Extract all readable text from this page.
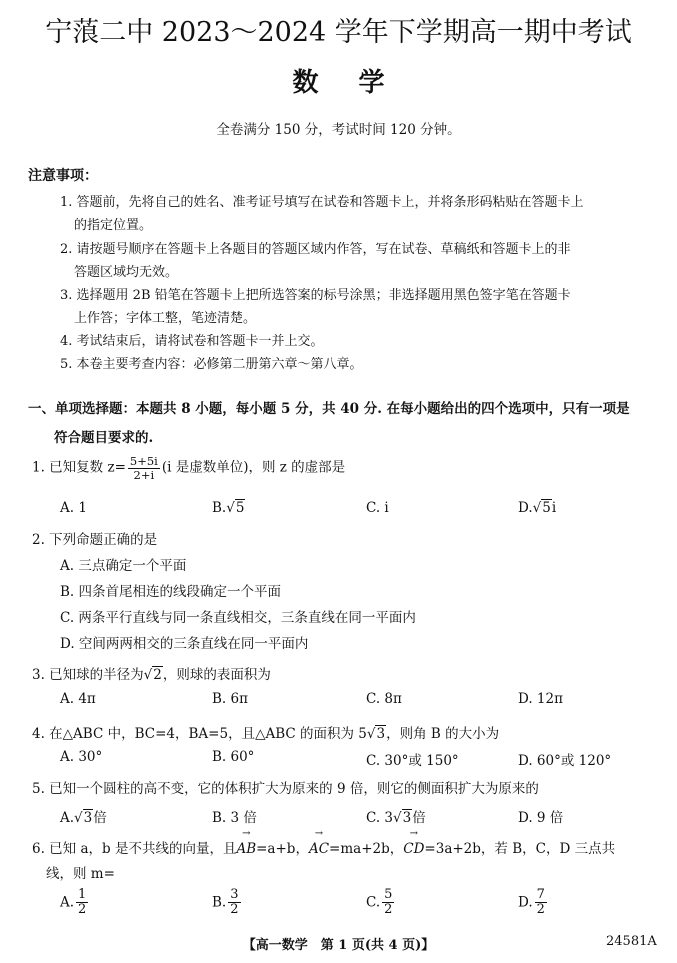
宁蒗二中 2023～2024 学年下学期高一期中考试
数学
全卷满分 150 分，考试时间 120 分钟。
注意事项：
1. 答题前，先将自己的姓名、准考证号填写在试卷和答题卡上，并将条形码粘贴在答题卡上
的指定位置。
2. 请按题号顺序在答题卡上各题目的答题区域内作答，写在试卷、草稿纸和答题卡上的非
答题区域均无效。
3. 选择题用 2B 铅笔在答题卡上把所选答案的标号涂黑；非选择题用黑色签字笔在答题卡
上作答；字体工整，笔迹清楚。
4. 考试结束后，请将试卷和答题卡一并上交。
5. 本卷主要考查内容：必修第二册第六章～第八章。
一、单项选择题：本题共 8 小题，每小题 5 分，共 40 分. 在每小题给出的四个选项中，只有一项是
符合题目要求的.
1. 已知复数 $z= \frac{5+5i}{2+i} (i$ 是虚数单位)，则 z 的虚部是
A. 1	B.√5	C. i	D.√5i
2. 下列命题正确的是
A. 三点确定一个平面
B. 四条首尾相连的线段确定一个平面
C. 两条平行直线与同一条直线相交，三条直线在同一平面内
D. 空间两两相交的三条直线在同一平面内
3. 已知球的半径为√2，则球的表面积为
A. 4π	B. 6π	C. 8π	D. 12π
4. 在△ABC 中，BC=4，BA=5，且△ABC 的面积为 5√3，则角 B 的大小为
A. 30°	B. 60°	C. 30°或 150°	D. 60°或 120°
5. 已知一个圆柱的高不变，它的体积扩大为原来的 9 倍，则它的侧面积扩大为原来的
A.√3倍	B. 3 倍	C. 3√3倍	D. 9 倍
6. 已知 a，b 是不共线的向量，且→ AB=a+b，→ AC=ma+2b，→ CD=3a+2b，若 B，C，D 三点共
线，则 m=
A. $\frac{1}{2}$	B. $\frac{3}{2}$	C. $\frac{5}{2}$	D. $\frac{7}{2}$
【高一数学　第 1 页(共 4 页)】	24581A
